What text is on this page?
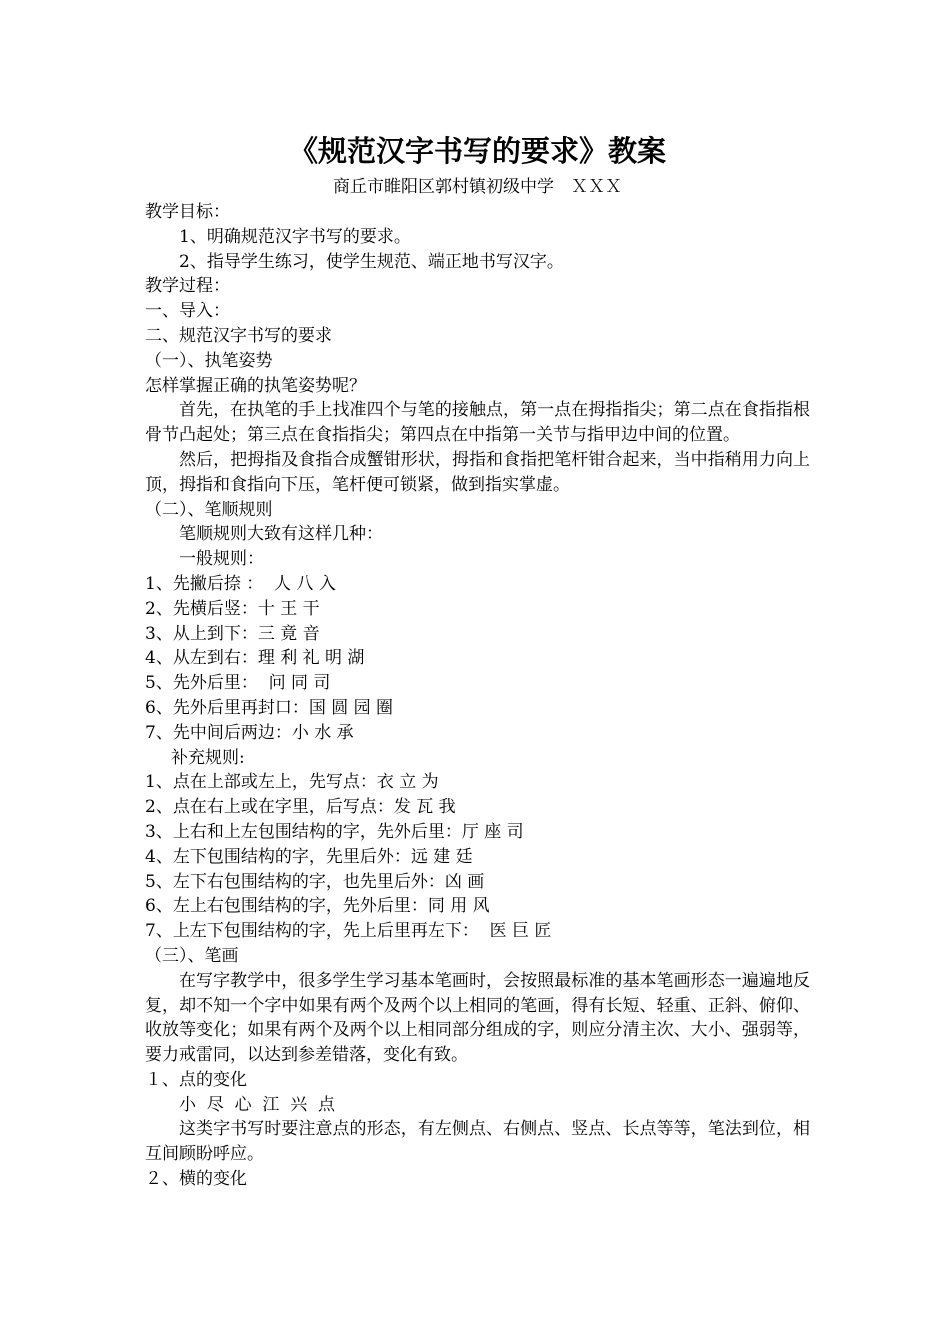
《规范汉字书写的要求》教案
商丘市睢阳区郭村镇初级中学　ＸＸＸ
教学目标：
1、明确规范汉字书写的要求。
2、指导学生练习，使学生规范、端正地书写汉字。
教学过程：
一、导入：
二、规范汉字书写的要求
（一）、执笔姿势
怎样掌握正确的执笔姿势呢？
首先，在执笔的手上找准四个与笔的接触点，第一点在拇指指尖；第二点在食指指根骨节凸起处；第三点在食指指尖；第四点在中指第一关节与指甲边中间的位置。
然后，把拇指及食指合成蟹钳形状，拇指和食指把笔杆钳合起来，当中指稍用力向上顶，拇指和食指向下压，笔杆便可锁紧，做到指实掌虚。
（二）、笔顺规则
笔顺规则大致有这样几种：
一般规则：
1、先撇后捺 ：  人 八 入
2、先横后竖：十 王 干
3、从上到下：三 竟 音
4、从左到右：理 利 礼 明 湖
5、先外后里：  问 同 司
6、先外后里再封口：国 圆 园 圈
7、先中间后两边：小 水 承
补充规则:
1、点在上部或左上，先写点：衣 立 为
2、点在右上或在字里，后写点：发 瓦 我
3、上右和上左包围结构的字，先外后里：厅 座 司
4、左下包围结构的字，先里后外：远 建 廷
5、左下右包围结构的字，也先里后外：凶 画
6、左上右包围结构的字，先外后里：同 用 风
7、上左下包围结构的字，先上后里再左下：  医 巨 匠
（三）、笔画
在写字教学中，很多学生学习基本笔画时，会按照最标准的基本笔画形态一遍遍地反复，却不知一个字中如果有两个及两个以上相同的笔画，得有长短、轻重、正斜、俯仰、收放等变化；如果有两个及两个以上相同部分组成的字，则应分清主次、大小、强弱等，要力戒雷同，以达到参差错落，变化有致。
１、点的变化
小  尽  心  江  兴  点
这类字书写时要注意点的形态，有左侧点、右侧点、竖点、长点等等，笔法到位，相互间顾盼呼应。
２、横的变化
